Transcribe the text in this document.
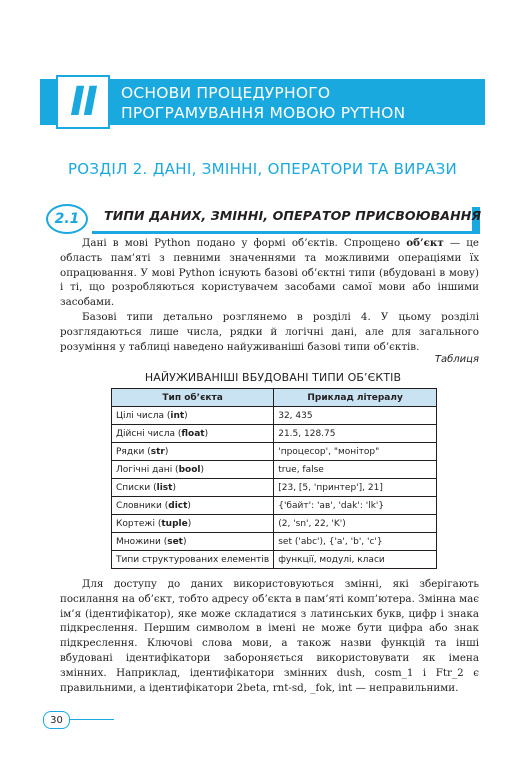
II ОСНОВИ ПРОЦЕДУРНОГО
ПРОГРАМУВАННЯ МОВОЮ PYTHON
РОЗДІЛ 2. ДАНІ, ЗМІННІ, ОПЕРАТОРИ ТА ВИРАЗИ
2.1 ТИПИ ДАНИХ, ЗМІННІ, ОПЕРАТОР ПРИСВОЮВАННЯ

Дані в мові Python подано у формі об’єктів. Спрощено об’єкт — це область пам’яті з певними значеннями та можливими операціями їх опрацювання. У мові Python існують базові об’єктні типи (вбудовані в мову) і ті, що розробляються користувачем засобами самої мови або іншими засобами.

Базові типи детально розглянемо в розділі 4. У цьому розділі розглядаються лише числа, рядки й логічні дані, але для загального розуміння у таблиці наведено найуживаніші базові типи об’єктів.

Таблиця
НАЙУЖИВАНІШІ ВБУДОВАНІ ТИПИ ОБ’ЄКТІВ
Тип об’єкта	Приклад літералу
Цілі числа (int)	32, 435
Дійсні числа (float)	21.5, 128.75
Рядки (str)	'процесор', "монітор"
Логічні дані (bool)	true, false
Списки (list)	[23, [5, 'принтер'], 21]
Словники (dict)	{'байт': 'ав', 'dak': 'lk'}
Кортежі (tuple)	(2, 'sn', 22, 'K')
Множини (set)	set ('abc'), {'a', 'b', 'c'}
Типи структурованих елементів	функції, модулі, класи

Для доступу до даних використовуються змінні, які зберігають посилання на об’єкт, тобто адресу об’єкта в пам’яті комп’ютера. Змінна має ім’я (ідентифікатор), яке може складатися з латинських букв, цифр і знака підкреслення. Першим символом в імені не може бути цифра або знак підкреслення. Ключові слова мови, а також назви функцій та інші вбудовані ідентифікатори забороняється використовувати як імена змінних. Наприклад, ідентифікатори змінних dush, cosm_1 і Ftr_2 є правильними, а ідентифікатори 2beta, rnt-sd, _fok, int — неправильними.

30
